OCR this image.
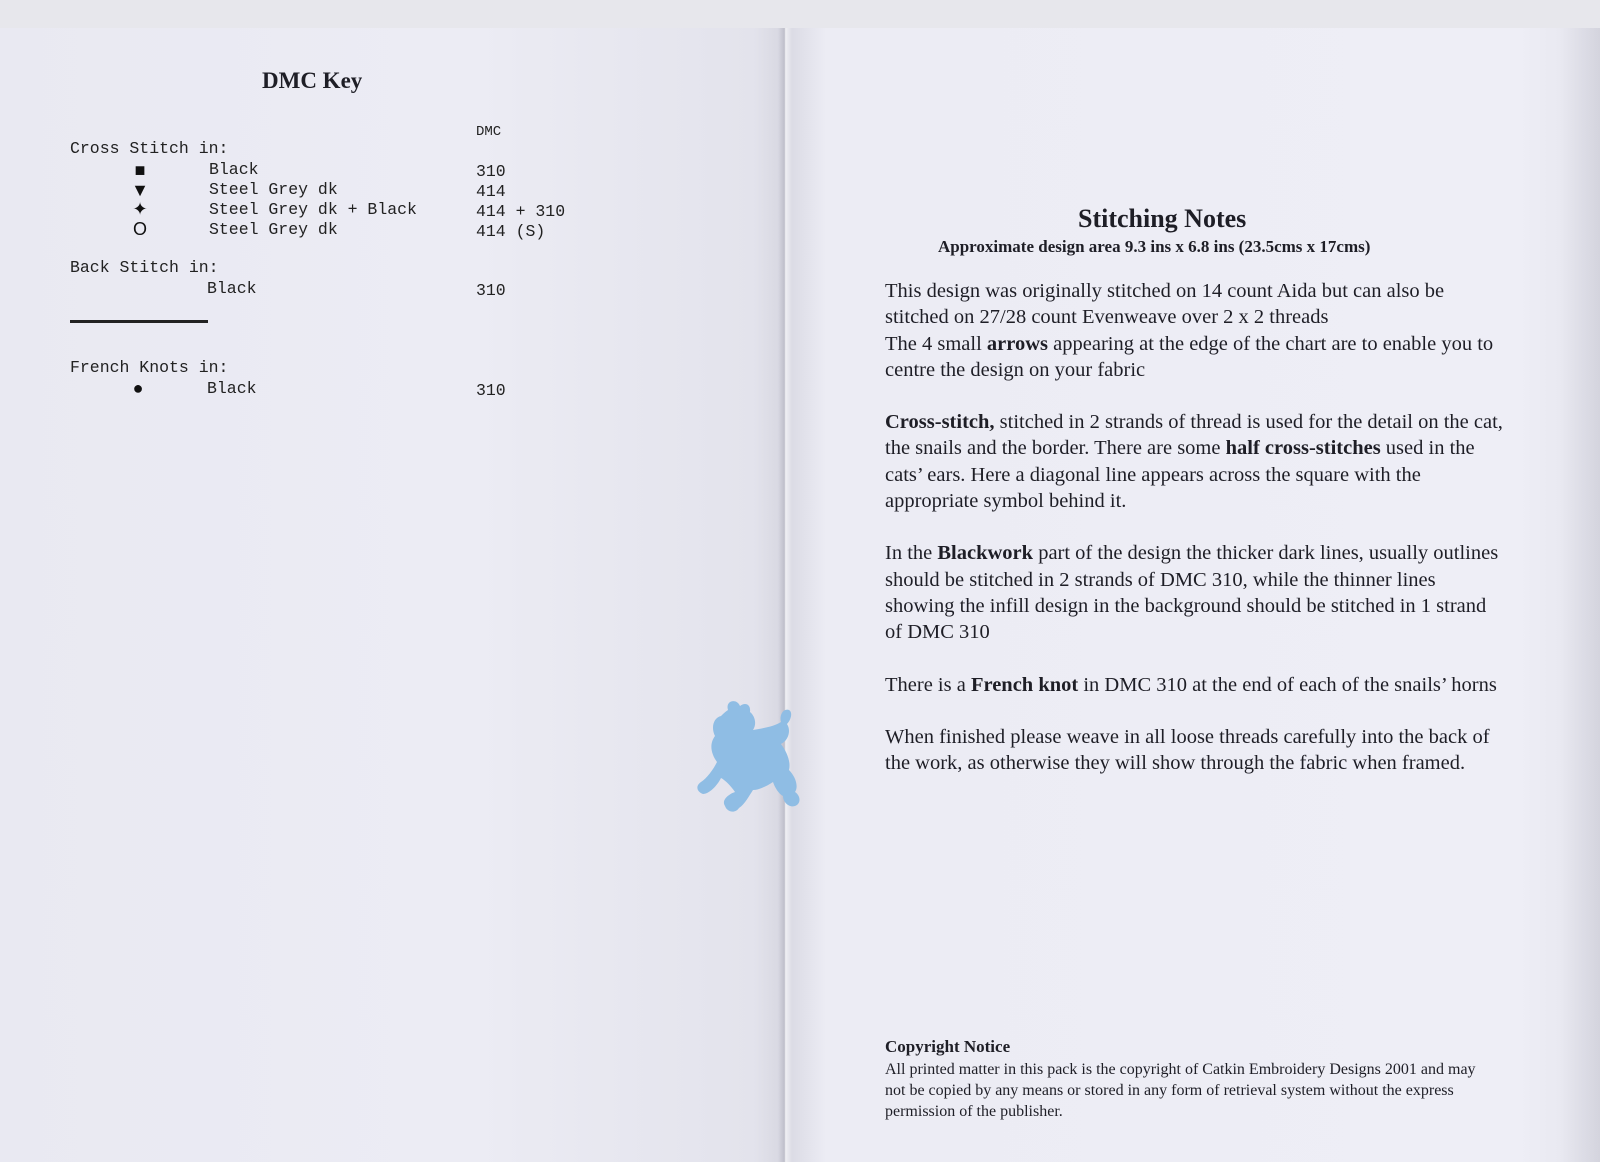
DMC Key
DMC
Cross Stitch in:
■	Black	310
▼	Steel Grey dk	414
✦	Steel Grey dk + Black	414 + 310
O	Steel Grey dk	414 (S)
Back Stitch in:
Black	310
French Knots in:
●	Black	310
Stitching Notes
Approximate design area 9.3 ins x 6.8 ins (23.5cms x 17cms)

This design was originally stitched on 14 count Aida but can also be stitched on 27/28 count Evenweave over 2 x 2 threads
The 4 small arrows appearing at the edge of the chart are to enable you to centre the design on your fabric

Cross-stitch, stitched in 2 strands of thread is used for the detail on the cat, the snails and the border. There are some half cross-stitches used in the cats’ ears. Here a diagonal line appears across the square with the appropriate symbol behind it.

In the Blackwork part of the design the thicker dark lines, usually outlines should be stitched in 2 strands of DMC 310, while the thinner lines showing the infill design in the background should be stitched in 1 strand of DMC 310

There is a French knot in DMC 310 at the end of each of the snails’ horns

When finished please weave in all loose threads carefully into the back of the work, as otherwise they will show through the fabric when framed.

Copyright Notice
All printed matter in this pack is the copyright of Catkin Embroidery Designs 2001 and may not be copied by any means or stored in any form of retrieval system without the express permission of the publisher.
